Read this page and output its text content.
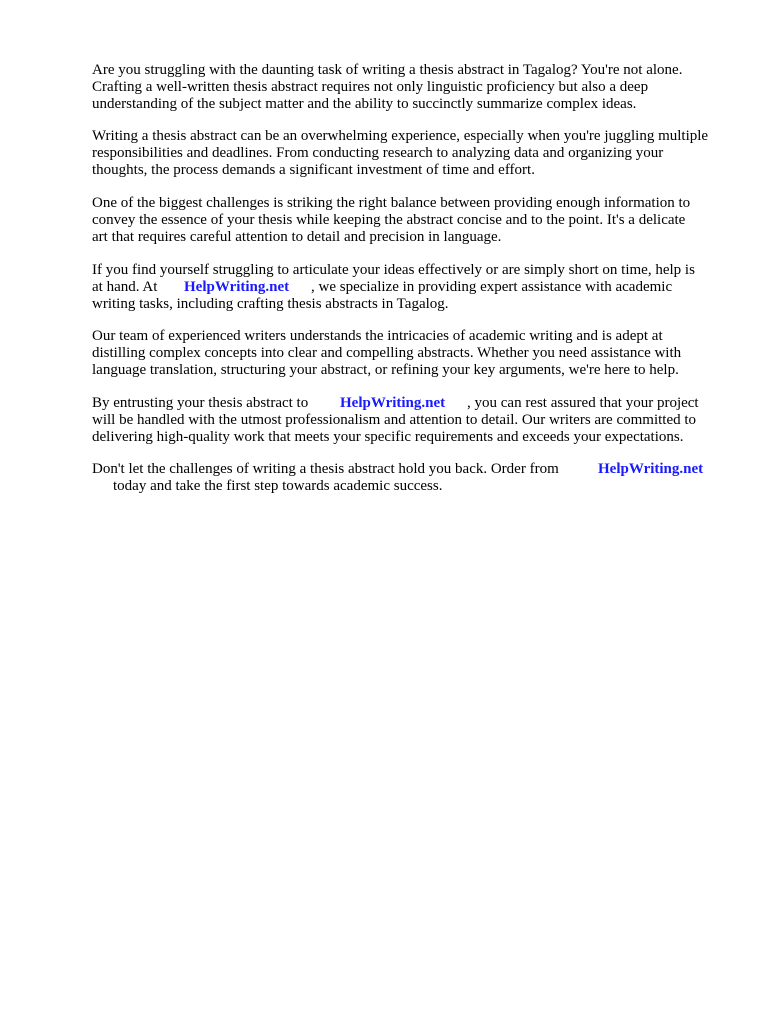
Are you struggling with the daunting task of writing a thesis abstract in Tagalog? You're not alone.
Crafting a well-written thesis abstract requires not only linguistic proficiency but also a deep
understanding of the subject matter and the ability to succinctly summarize complex ideas.
Writing a thesis abstract can be an overwhelming experience, especially when you're juggling multiple
responsibilities and deadlines. From conducting research to analyzing data and organizing your
thoughts, the process demands a significant investment of time and effort.
One of the biggest challenges is striking the right balance between providing enough information to
convey the essence of your thesis while keeping the abstract concise and to the point. It's a delicate
art that requires careful attention to detail and precision in language.
If you find yourself struggling to articulate your ideas effectively or are simply short on time, help is
at hand. At HelpWriting.net , we specialize in providing expert assistance with academic
writing tasks, including crafting thesis abstracts in Tagalog.
Our team of experienced writers understands the intricacies of academic writing and is adept at
distilling complex concepts into clear and compelling abstracts. Whether you need assistance with
language translation, structuring your abstract, or refining your key arguments, we're here to help.
By entrusting your thesis abstract to HelpWriting.net , you can rest assured that your project
will be handled with the utmost professionalism and attention to detail. Our writers are committed to
delivering high-quality work that meets your specific requirements and exceeds your expectations.
Don't let the challenges of writing a thesis abstract hold you back. Order from	HelpWriting.net
today and take the first step towards academic success.
